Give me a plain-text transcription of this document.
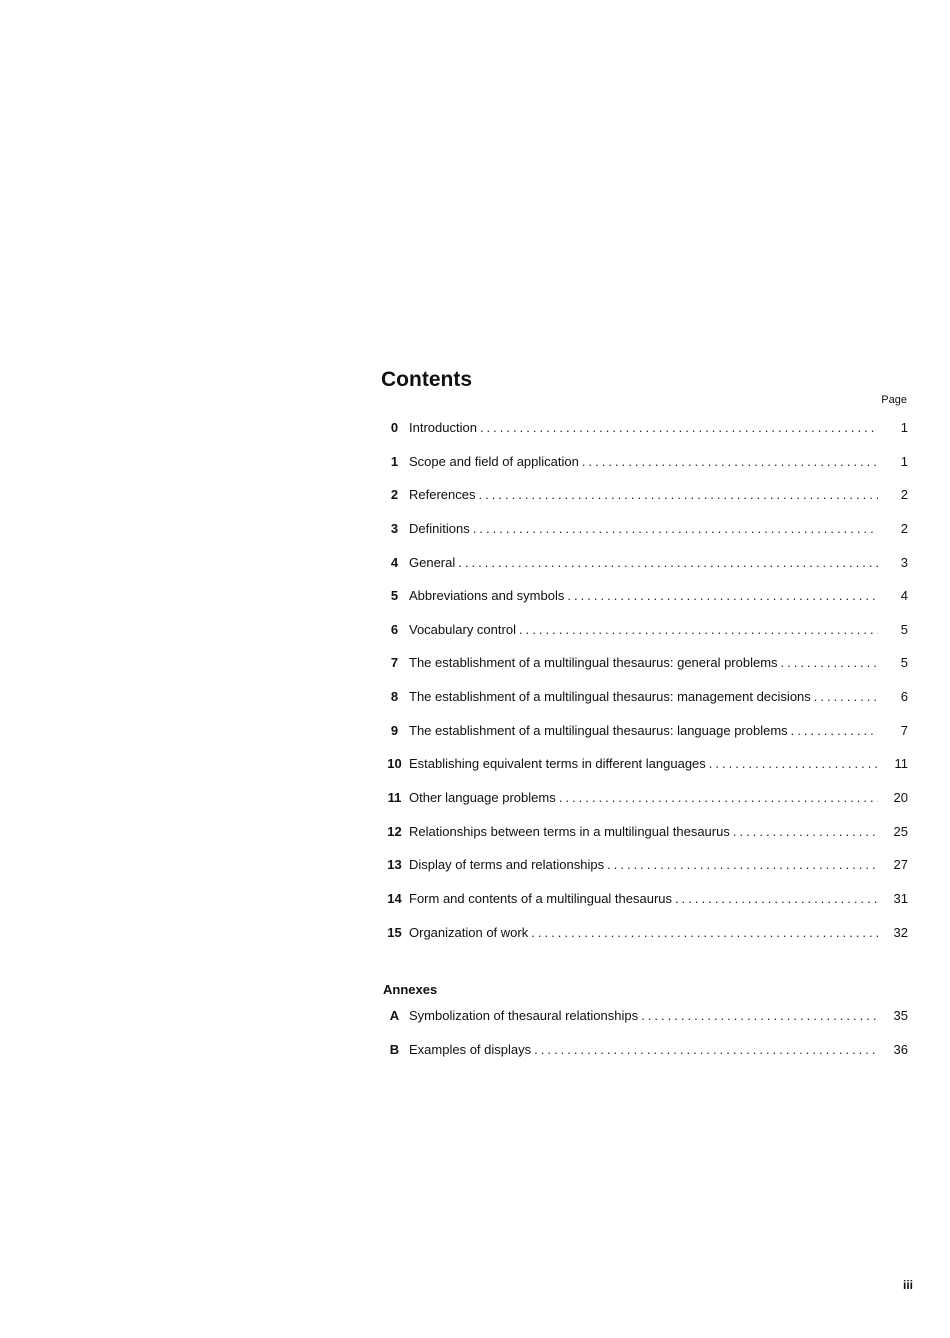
Contents
Page
0 Introduction . . .	1
1 Scope and field of application . . .	1
2 References . . .	2
3 Definitions . . .	2
4 General . . .	3
5 Abbreviations and symbols . . .	4
6 Vocabulary control . . .	5
7 The establishment of a multilingual thesaurus: general problems . . .	5
8 The establishment of a multilingual thesaurus: management decisions . . .	6
9 The establishment of a multilingual thesaurus: language problems . . .	7
10 Establishing equivalent terms in different languages . . .	11
11 Other language problems . . .	20
12 Relationships between terms in a multilingual thesaurus . . .	25
13 Display of terms and relationships . . .	27
14 Form and contents of a multilingual thesaurus . . .	31
15 Organization of work . . .	32
Annexes
A Symbolization of thesaural relationships . . .	35
B Examples of displays . . .	36
iii
